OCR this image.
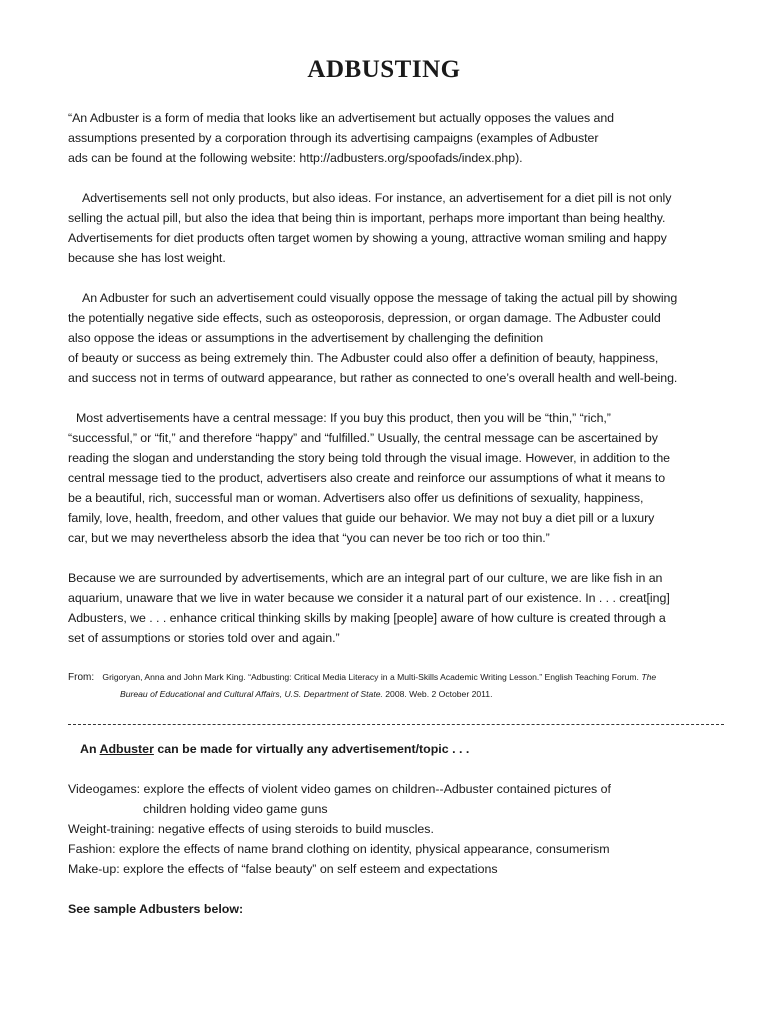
ADBUSTING
“An Adbuster is a form of media that looks like an advertisement but actually opposes the values and
assumptions presented by a corporation through its advertising campaigns (examples of Adbuster
ads can be found at the following website: http://adbusters.org/spoofads/index.php).
Advertisements sell not only products, but also ideas. For instance, an advertisement for a diet pill is not only
selling the actual pill, but also the idea that being thin is important, perhaps more important than being healthy.
Advertisements for diet products often target women by showing a young, attractive woman smiling and happy
because she has lost weight.
An Adbuster for such an advertisement could visually oppose the message of taking the actual pill by showing
the potentially negative side effects, such as osteoporosis, depression, or organ damage. The Adbuster could
also oppose the ideas or assumptions in the advertisement by challenging the definition
of beauty or success as being extremely thin. The Adbuster could also offer a definition of beauty, happiness,
and success not in terms of outward appearance, but rather as connected to one’s overall health and well-being.
Most advertisements have a central message: If you buy this product, then you will be “thin,” “rich,”
“successful,” or “fit,” and therefore “happy” and “fulfilled.” Usually, the central message can be ascertained by
reading the slogan and understanding the story being told through the visual image. However, in addition to the
central message tied to the product, advertisers also create and reinforce our assumptions of what it means to
be a beautiful, rich, successful man or woman. Advertisers also offer us definitions of sexuality, happiness,
family, love, health, freedom, and other values that guide our behavior. We may not buy a diet pill or a luxury
car, but we may nevertheless absorb the idea that “you can never be too rich or too thin.”
Because we are surrounded by advertisements, which are an integral part of our culture, we are like fish in an
aquarium, unaware that we live in water because we consider it a natural part of our existence. In . . . creat[ing]
Adbusters, we . . . enhance critical thinking skills by making [people] aware of how culture is created through a
set of assumptions or stories told over and again.”
From: Grigoryan, Anna and John Mark King. “Adbusting: Critical Media Literacy in a Multi-Skills Academic Writing Lesson.” English Teaching Forum. The
Bureau of Educational and Cultural Affairs, U.S. Department of State. 2008. Web. 2 October 2011.
An Adbuster can be made for virtually any advertisement/topic . . .
Videogames: explore the effects of violent video games on children--Adbuster contained pictures of
children holding video game guns
Weight-training: negative effects of using steroids to build muscles.
Fashion: explore the effects of name brand clothing on identity, physical appearance, consumerism
Make-up: explore the effects of “false beauty” on self esteem and expectations
See sample Adbusters below:
